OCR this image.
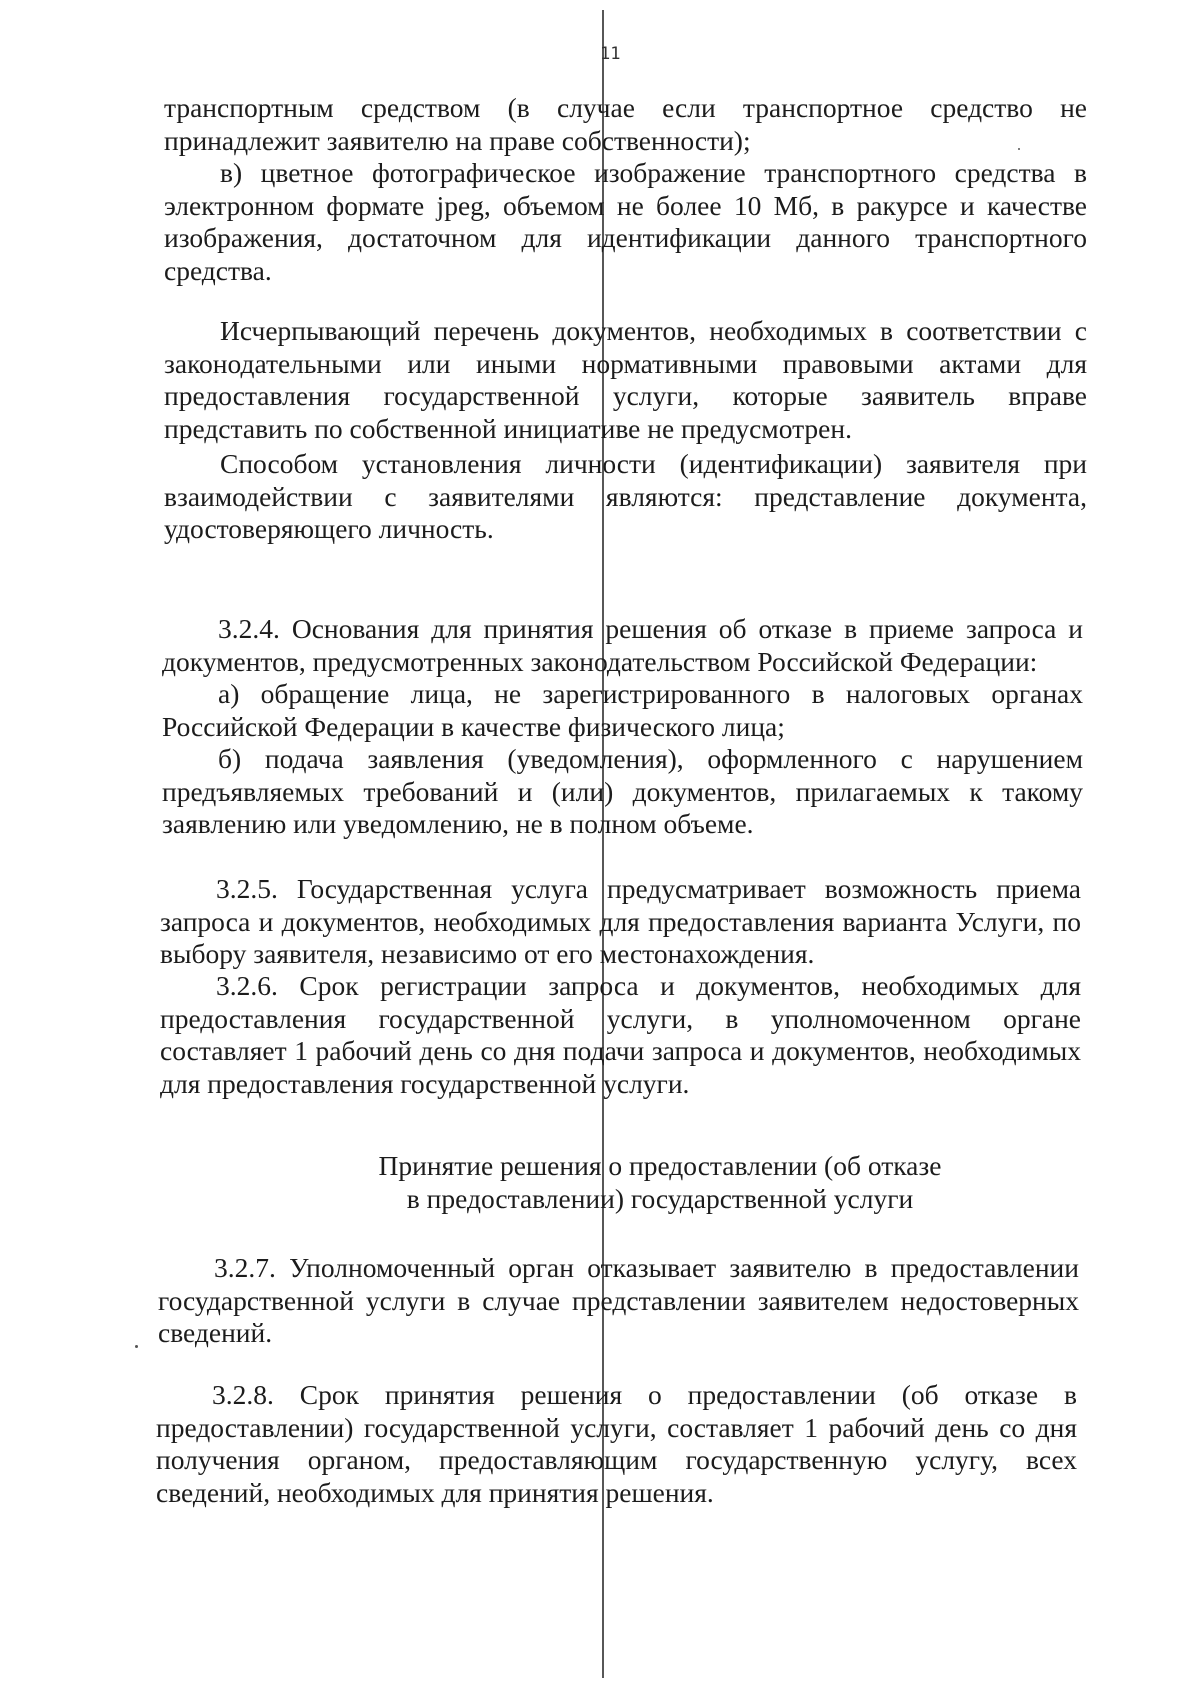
11

транспортным средством (в случае если транспортное средство не принадлежит заявителю на праве собственности);

в) цветное фотографическое изображение транспортного средства в электронном формате jpeg, объемом не более 10 Мб, в ракурсе и качестве изображения, достаточном для идентификации данного транспортного средства.

Исчерпывающий перечень документов, необходимых в соответствии с законодательными или иными нормативными правовыми актами для предоставления государственной услуги, которые заявитель вправе представить по собственной инициативе не предусмотрен.

Способом установления личности (идентификации) заявителя при взаимодействии с заявителями являются: представление документа, удостоверяющего личность.

3.2.4. Основания для принятия решения об отказе в приеме запроса и документов, предусмотренных законодательством Российской Федерации:

а) обращение лица, не зарегистрированного в налоговых органах Российской Федерации в качестве физического лица;

б) подача заявления (уведомления), оформленного с нарушением предъявляемых требований и (или) документов, прилагаемых к такому заявлению или уведомлению, не в полном объеме.

3.2.5. Государственная услуга предусматривает возможность приема запроса и документов, необходимых для предоставления варианта Услуги, по выбору заявителя, независимо от его местонахождения.

3.2.6. Срок регистрации запроса и документов, необходимых для предоставления государственной услуги, в уполномоченном органе составляет 1 рабочий день со дня подачи запроса и документов, необходимых для предоставления государственной услуги.

Принятие решения о предоставлении (об отказе
в предоставлении) государственной услуги

3.2.7. Уполномоченный орган отказывает заявителю в предоставлении государственной услуги в случае представлении заявителем недостоверных сведений.

3.2.8. Срок принятия решения о предоставлении (об отказе в предоставлении) государственной услуги, составляет 1 рабочий день со дня получения органом, предоставляющим государственную услугу, всех сведений, необходимых для принятия решения.
